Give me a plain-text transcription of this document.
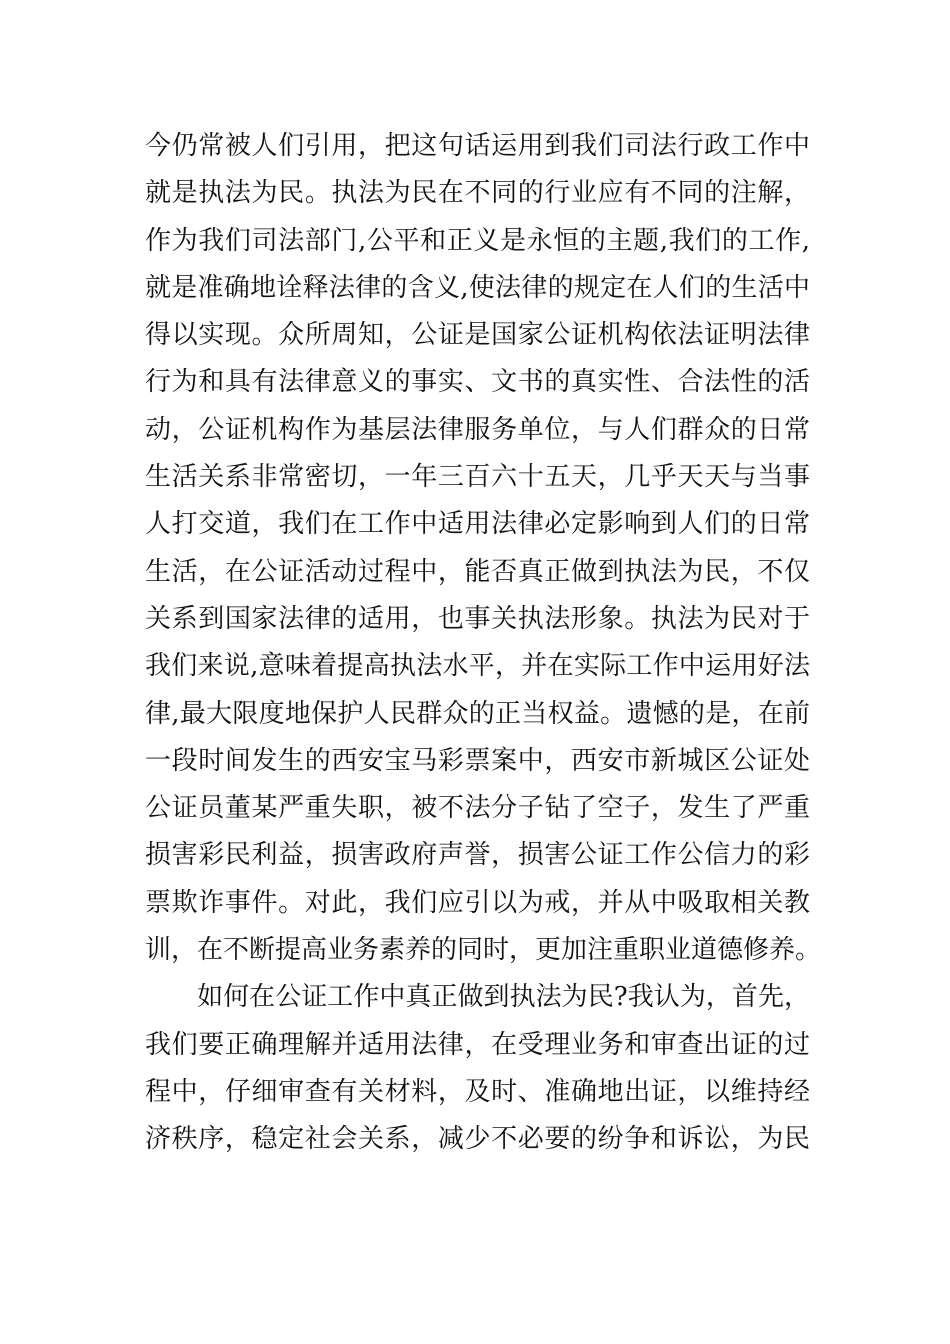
今仍常被人们引用，把这句话运用到我们司法行政工作中
就是执法为民。执法为民在不同的行业应有不同的注解，
作为我们司法部门,公平和正义是永恒的主题,我们的工作,
就是准确地诠释法律的含义,使法律的规定在人们的生活中
得以实现。众所周知，公证是国家公证机构依法证明法律
行为和具有法律意义的事实、文书的真实性、合法性的活
动，公证机构作为基层法律服务单位，与人们群众的日常
生活关系非常密切，一年三百六十五天，几乎天天与当事
人打交道，我们在工作中适用法律必定影响到人们的日常
生活，在公证活动过程中，能否真正做到执法为民，不仅
关系到国家法律的适用，也事关执法形象。执法为民对于
我们来说,意味着提高执法水平，并在实际工作中运用好法
律,最大限度地保护人民群众的正当权益。遗憾的是，在前
一段时间发生的西安宝马彩票案中，西安市新城区公证处
公证员董某严重失职，被不法分子钻了空子，发生了严重
损害彩民利益，损害政府声誉，损害公证工作公信力的彩
票欺诈事件。对此，我们应引以为戒，并从中吸取相关教
训，在不断提高业务素养的同时，更加注重职业道德修养。
　　如何在公证工作中真正做到执法为民?我认为，首先，
我们要正确理解并适用法律，在受理业务和审查出证的过
程中，仔细审查有关材料，及时、准确地出证，以维持经
济秩序，稳定社会关系，减少不必要的纷争和诉讼，为民
